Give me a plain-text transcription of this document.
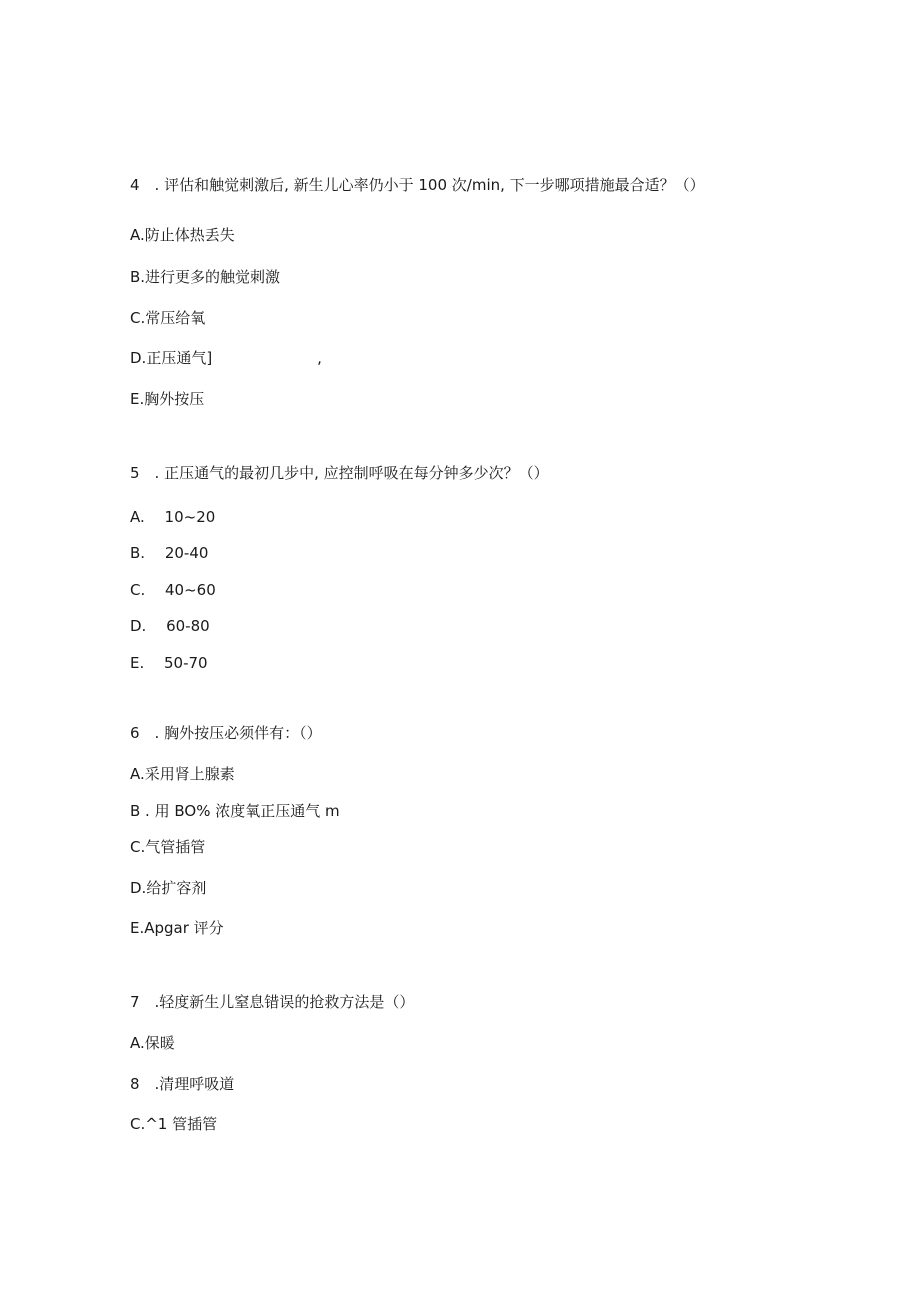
4　. 评估和触觉刺激后, 新生儿心率仍小于 100 次/min, 下一步哪项措施最合适？（）
A.防止体热丢失
B.进行更多的触觉刺激
C.常压给氧
D.正压通气]　　　　　　　,
E.胸外按压
5　. 正压通气的最初几步中, 应控制呼吸在每分钟多少次？（）
A.　 10~20
B.　 20-40
C.　 40~60
D.　 60-80
E.　 50-70
6　. 胸外按压必须伴有：（）
A.采用肾上腺素
B . 用 BO% 浓度氧正压通气 m
C.气管插管
D.给扩容剂
E.Apgar 评分
7　.轻度新生儿窒息错误的抢救方法是（）
A.保暖
8　.清理呼吸道
C.^1 管插管
